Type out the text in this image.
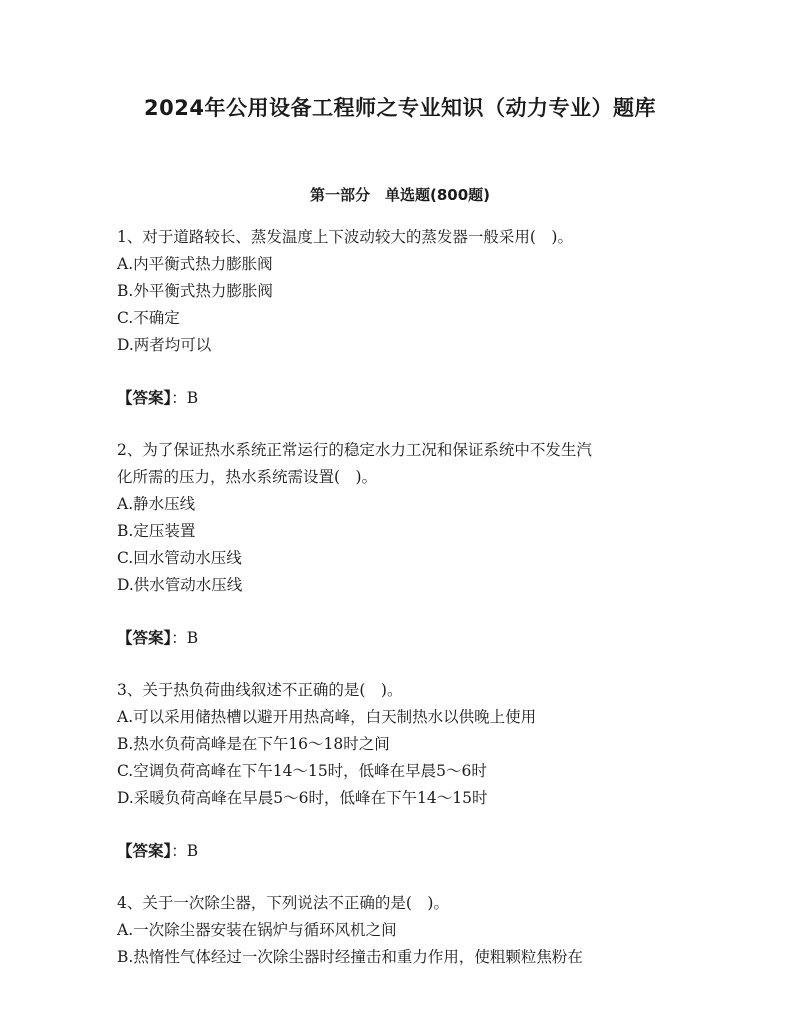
2024年公用设备工程师之专业知识（动力专业）题库
第一部分　单选题(800题)
1、对于道路较长、蒸发温度上下波动较大的蒸发器一般采用(　)。
A.内平衡式热力膨胀阀
B.外平衡式热力膨胀阀
C.不确定
D.两者均可以
【答案】：B
2、为了保证热水系统正常运行的稳定水力工况和保证系统中不发生汽
化所需的压力，热水系统需设置(　)。
A.静水压线
B.定压装置
C.回水管动水压线
D.供水管动水压线
【答案】：B
3、关于热负荷曲线叙述不正确的是(　)。
A.可以采用储热槽以避开用热高峰，白天制热水以供晚上使用
B.热水负荷高峰是在下午16～18时之间
C.空调负荷高峰在下午14～15时，低峰在早晨5～6时
D.采暖负荷高峰在早晨5～6时，低峰在下午14～15时
【答案】：B
4、关于一次除尘器，下列说法不正确的是(　)。
A.一次除尘器安装在锅炉与循环风机之间
B.热惰性气体经过一次除尘器时经撞击和重力作用，使粗颗粒焦粉在
